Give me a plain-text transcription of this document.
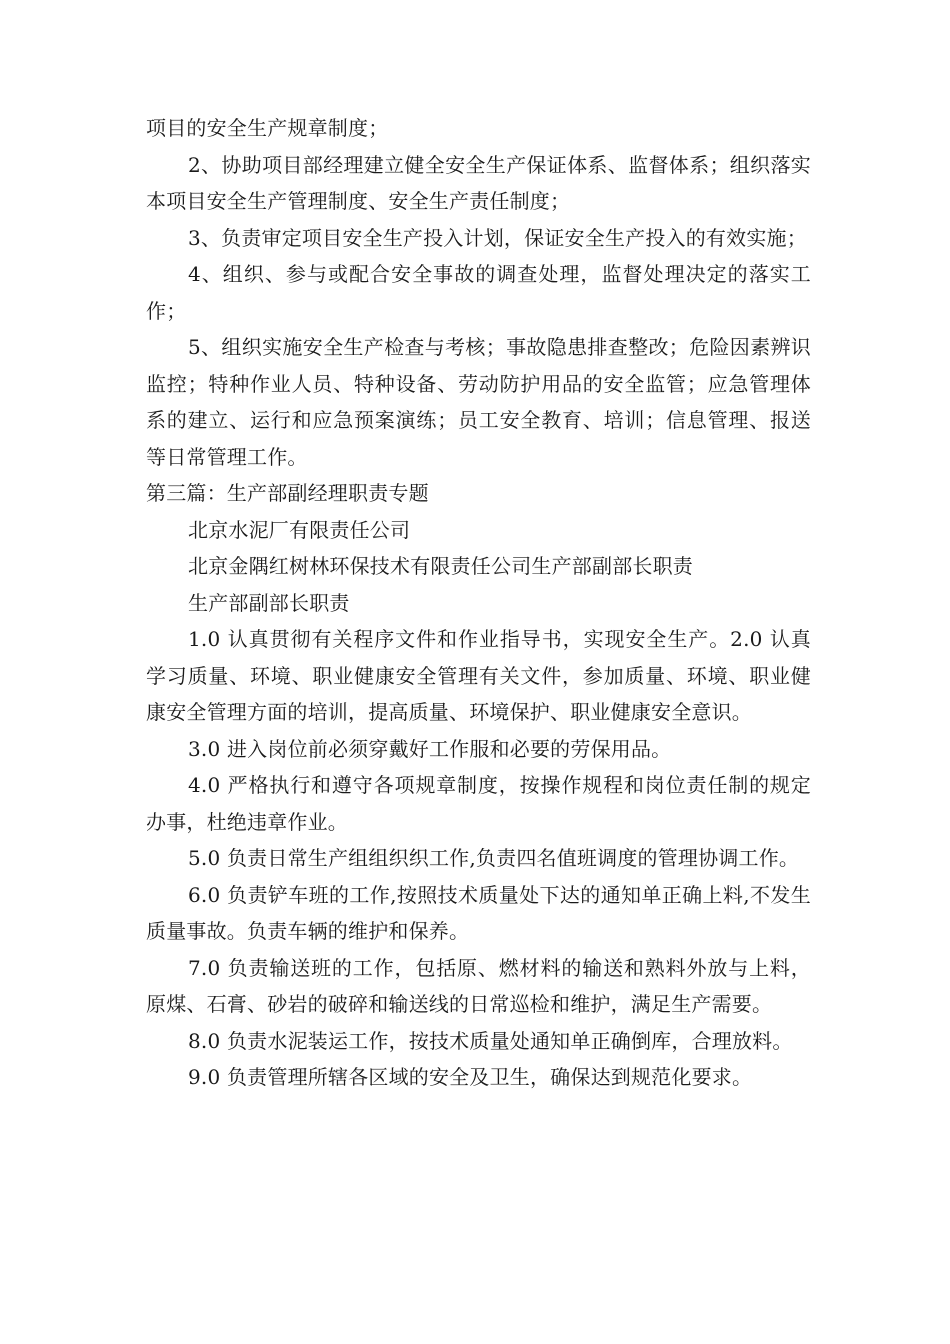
项目的安全生产规章制度；

2、协助项目部经理建立健全安全生产保证体系、监督体系；组织落实本项目安全生产管理制度、安全生产责任制度；

3、负责审定项目安全生产投入计划，保证安全生产投入的有效实施；

4、组织、参与或配合安全事故的调查处理，监督处理决定的落实工作；

5、组织实施安全生产检查与考核；事故隐患排查整改；危险因素辨识监控；特种作业人员、特种设备、劳动防护用品的安全监管；应急管理体系的建立、运行和应急预案演练；员工安全教育、培训；信息管理、报送等日常管理工作。

第三篇：生产部副经理职责专题

北京水泥厂有限责任公司

北京金隅红树林环保技术有限责任公司生产部副部长职责

生产部副部长职责

1.0 认真贯彻有关程序文件和作业指导书，实现安全生产。2.0 认真学习质量、环境、职业健康安全管理有关文件，参加质量、环境、职业健康安全管理方面的培训，提高质量、环境保护、职业健康安全意识。

3.0 进入岗位前必须穿戴好工作服和必要的劳保用品。

4.0 严格执行和遵守各项规章制度，按操作规程和岗位责任制的规定办事，杜绝违章作业。

5.0 负责日常生产组组织织工作,负责四名值班调度的管理协调工作。

6.0 负责铲车班的工作,按照技术质量处下达的通知单正确上料,不发生质量事故。负责车辆的维护和保养。

7.0 负责输送班的工作，包括原、燃材料的输送和熟料外放与上料，原煤、石膏、砂岩的破碎和输送线的日常巡检和维护，满足生产需要。

8.0 负责水泥装运工作，按技术质量处通知单正确倒库，合理放料。

9.0 负责管理所辖各区域的安全及卫生，确保达到规范化要求。
